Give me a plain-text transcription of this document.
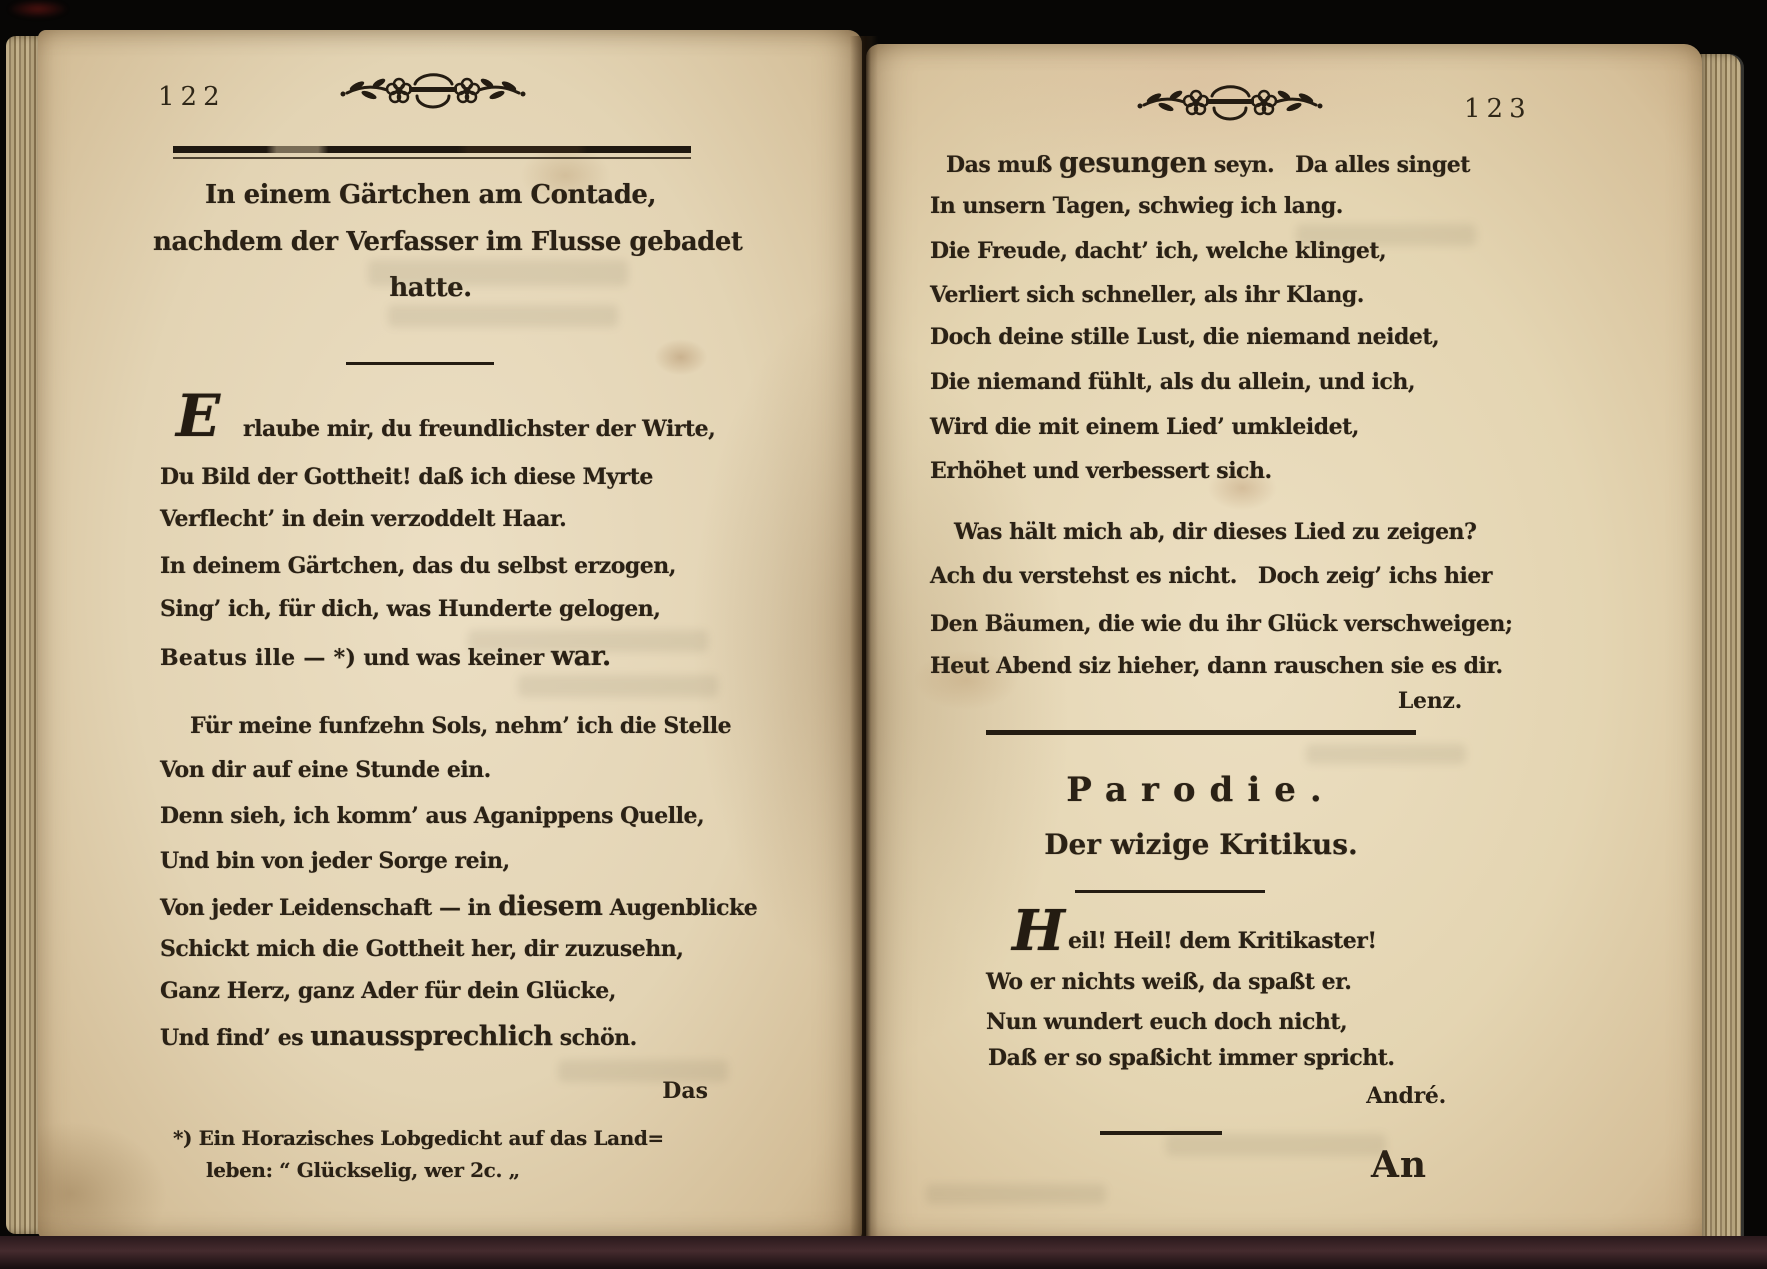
122
In einem Gärtchen am Contade,
nachdem der Verfasser im Flusse gebadet
hatte.
E rlaube mir, du freundlichster der Wirte,
Du Bild der Gottheit! daß ich diese Myrte
Verflecht’ in dein verzoddelt Haar.
In deinem Gärtchen, das du selbst erzogen,
Sing’ ich, für dich, was Hunderte gelogen,
Beatus ille — *) und was keiner war.
Für meine funfzehn Sols, nehm’ ich die Stelle
Von dir auf eine Stunde ein.
Denn sieh, ich komm’ aus Aganippens Quelle,
Und bin von jeder Sorge rein,
Von jeder Leidenschaft — in diesem Augenblicke
Schickt mich die Gottheit her, dir zuzusehn,
Ganz Herz, ganz Ader für dein Glücke,
Und find’ es unaussprechlich schön.
Das
*) Ein Horazisches Lobgedicht auf das Land=
leben: “ Glückselig, wer 2c. „
123
Das muß gesungen seyn.  Da alles singet
In unsern Tagen, schwieg ich lang.
Die Freude, dacht’ ich, welche klinget,
Verliert sich schneller, als ihr Klang.
Doch deine stille Lust, die niemand neidet,
Die niemand fühlt, als du allein, und ich,
Wird die mit einem Lied’ umkleidet,
Erhöhet und verbessert sich.
Was hält mich ab, dir dieses Lied zu zeigen?
Ach du verstehst es nicht.  Doch zeig’ ichs hier
Den Bäumen, die wie du ihr Glück verschweigen;
Heut Abend siz hieher, dann rauschen sie es dir.
Lenz.
Parodie.
Der wizige Kritikus.
H eil! Heil! dem Kritikaster!
Wo er nichts weiß, da spaßt er.
Nun wundert euch doch nicht,
Daß er so spaßicht immer spricht.
André.
An
